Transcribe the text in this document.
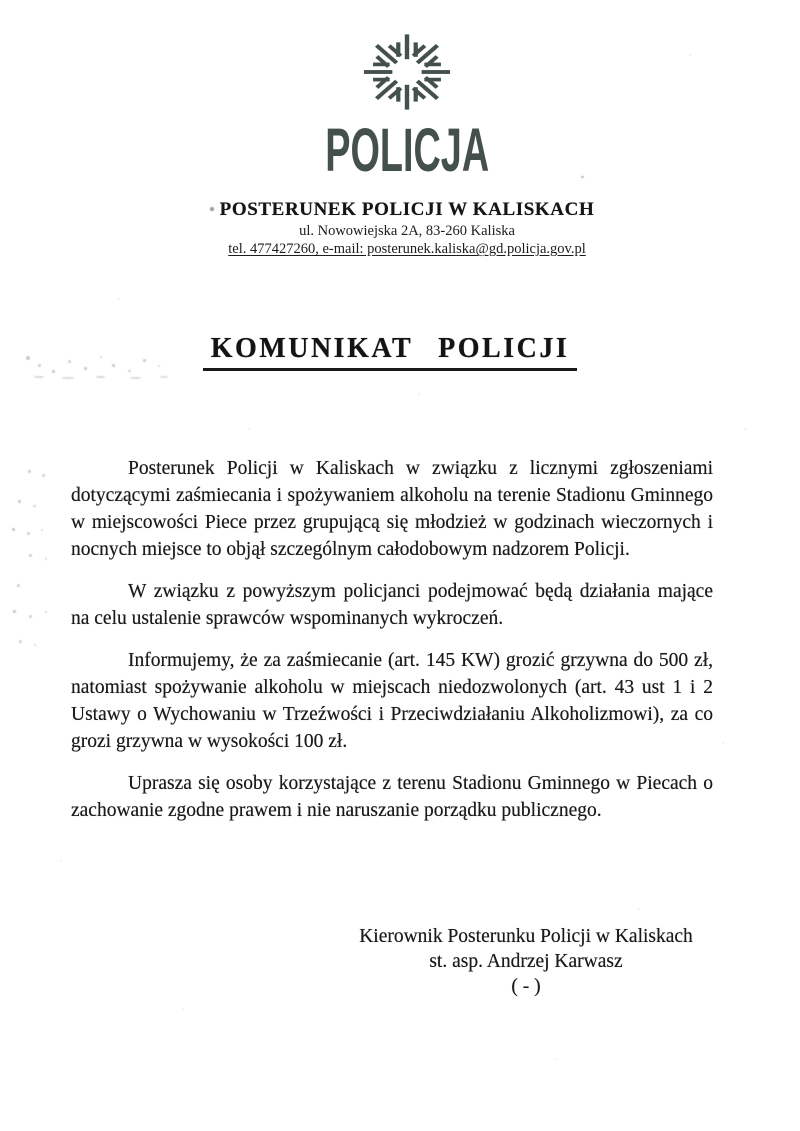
POLICJA
POSTERUNEK POLICJI W KALISKACH
ul. Nowowiejska 2A, 83-260 Kaliska
tel. 477427260, e-mail: posterunek.kaliska@gd.policja.gov.pl
KOMUNIKAT POLICJI

Posterunek Policji w Kaliskach w związku z licznymi zgłoszeniami dotyczącymi zaśmiecania i spożywaniem alkoholu na terenie Stadionu Gminnego w miejscowości Piece przez grupującą się młodzież w godzinach wieczornych i nocnych miejsce to objął szczególnym całodobowym nadzorem Policji.

W związku z powyższym policjanci podejmować będą działania mające na celu ustalenie sprawców wspominanych wykroczeń.

Informujemy, że za zaśmiecanie (art. 145 KW) grozić grzywna do 500 zł, natomiast spożywanie alkoholu w miejscach niedozwolonych (art. 43 ust 1 i 2 Ustawy o Wychowaniu w Trzeźwości i Przeciwdziałaniu Alkoholizmowi), za co grozi grzywna w wysokości 100 zł.

Uprasza się osoby korzystające z terenu Stadionu Gminnego w Piecach o zachowanie zgodne prawem i nie naruszanie porządku publicznego.

Kierownik Posterunku Policji w Kaliskach
st. asp. Andrzej Karwasz
( - )
